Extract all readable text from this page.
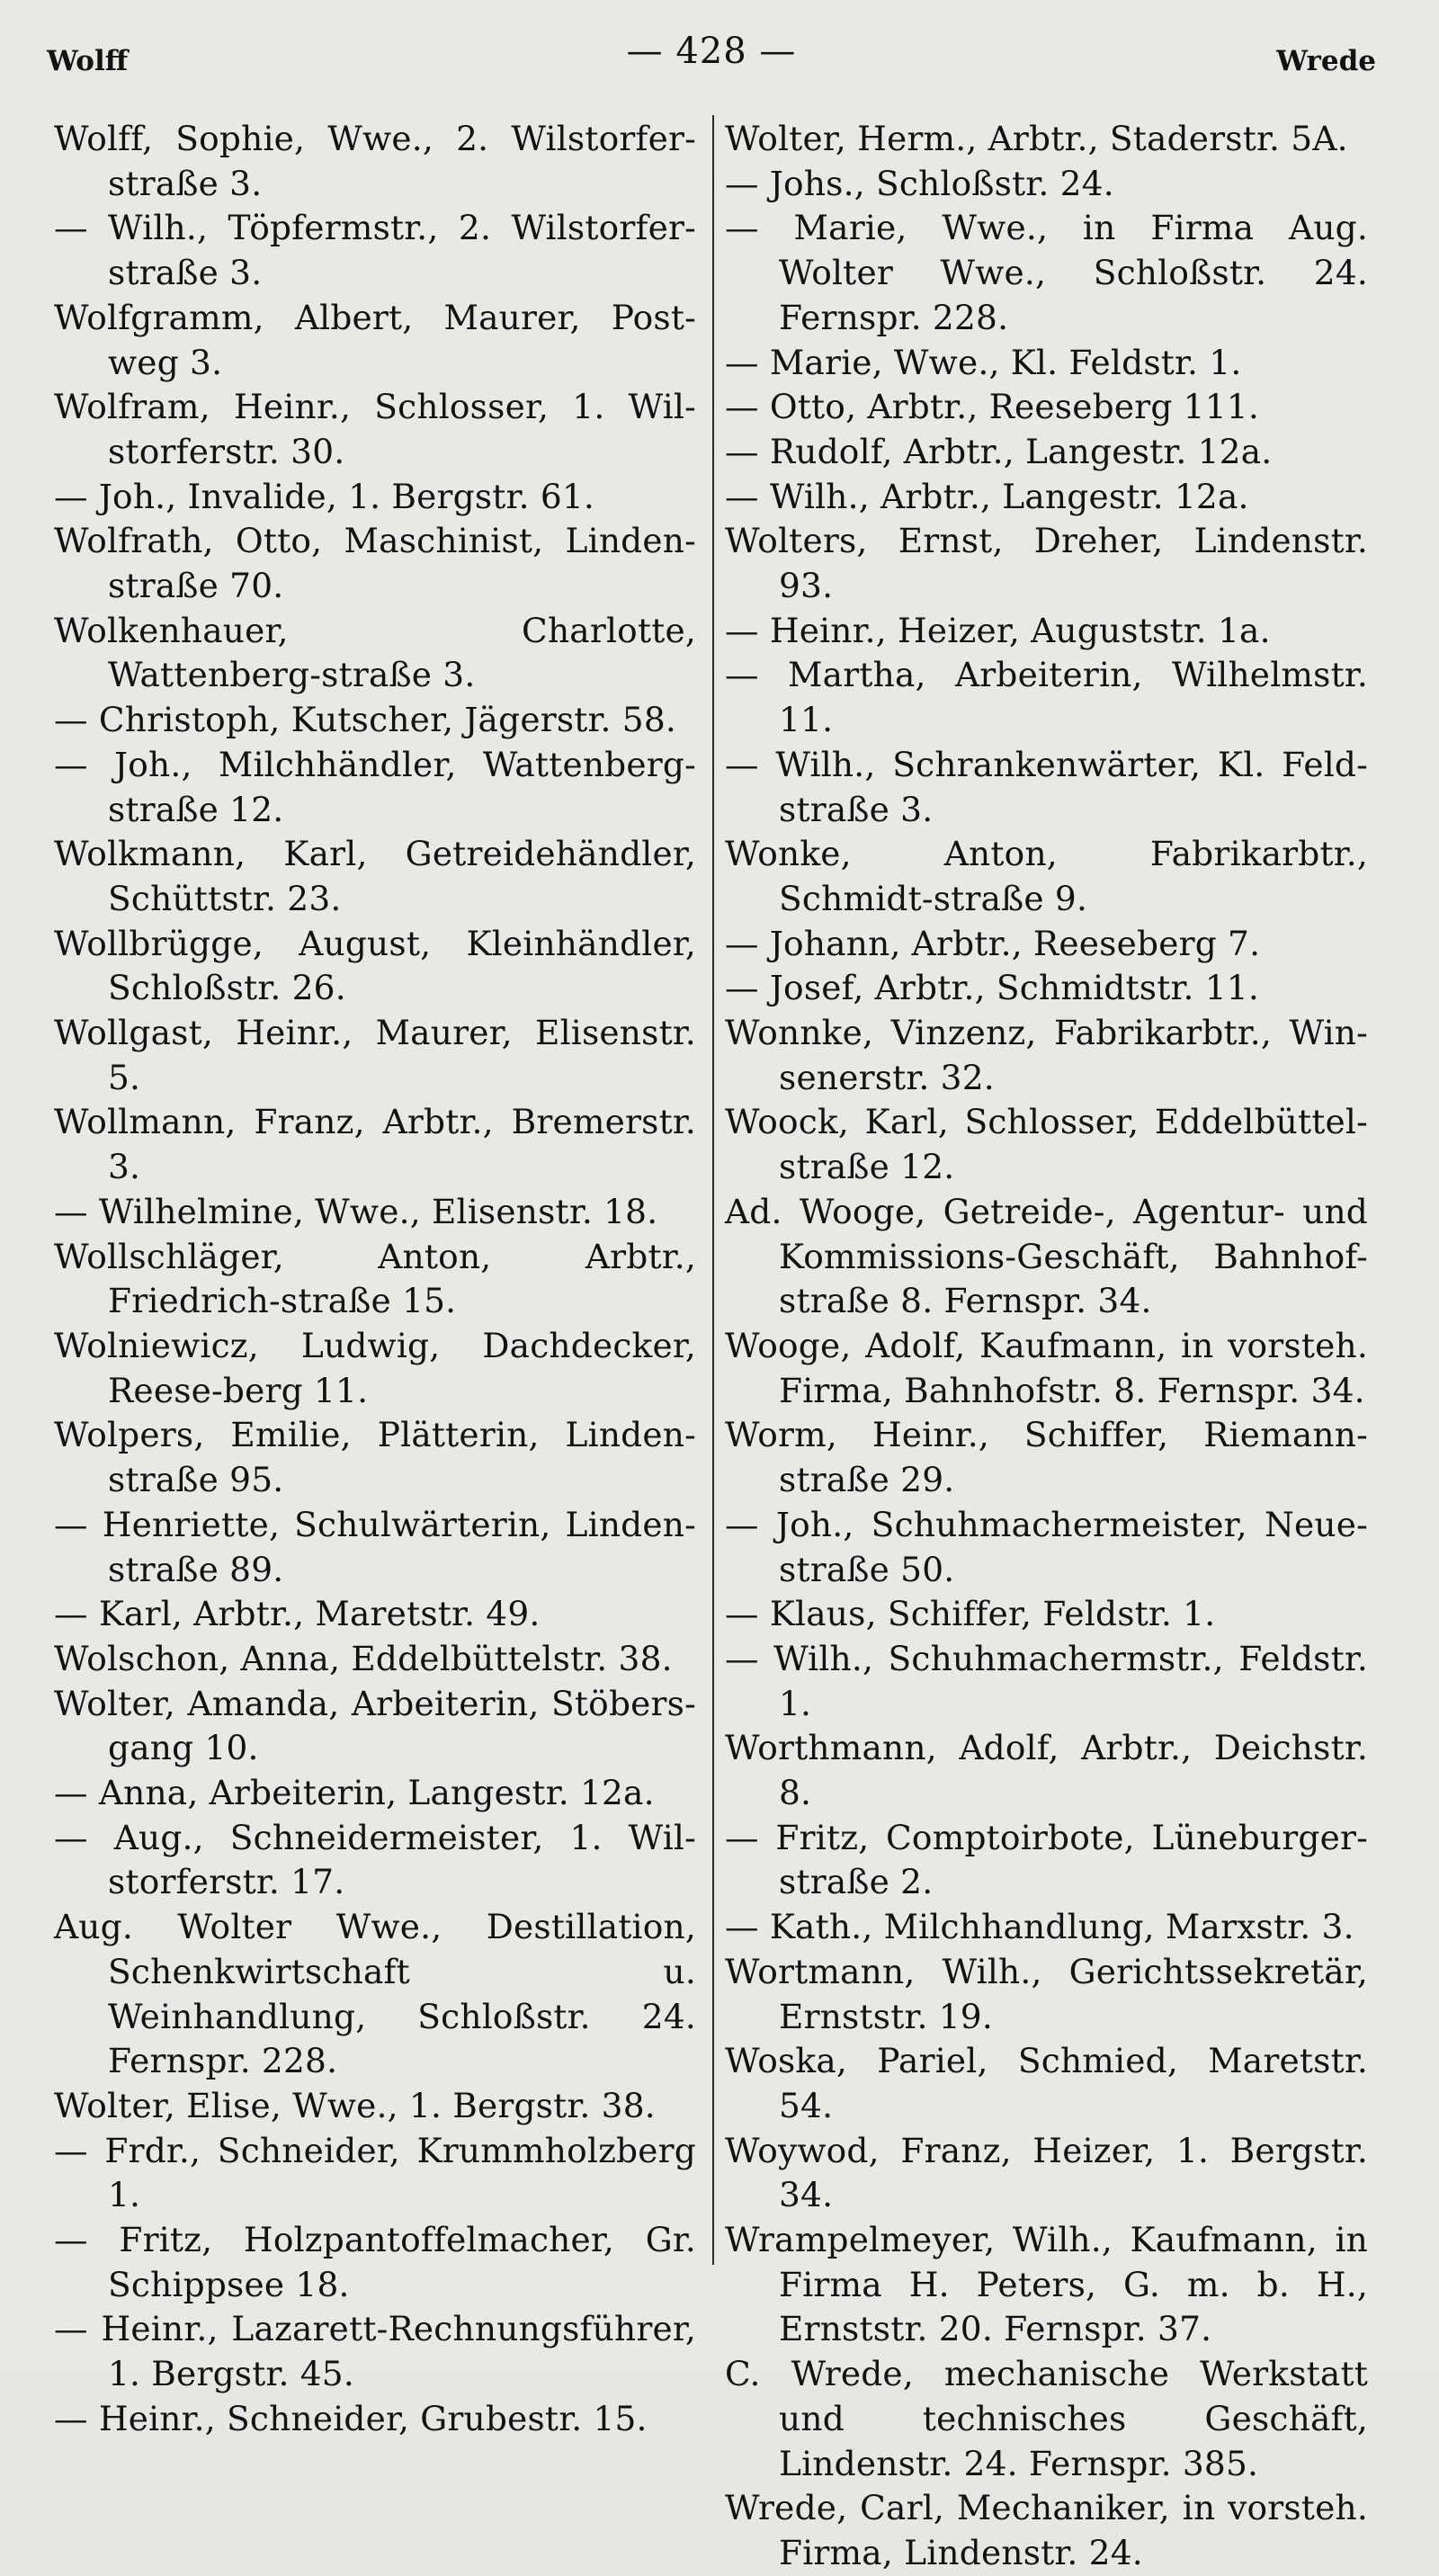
Wolff	— 428 —	Wrede
Wolff, Sophie, Wwe., 2. Wilstorfer-straße 3.
— Wilh., Töpfermstr., 2. Wilstorfer-straße 3.
Wolfgramm, Albert, Maurer, Post-weg 3.
Wolfram, Heinr., Schlosser, 1. Wil-storferstr. 30.
— Joh., Invalide, 1. Bergstr. 61.
Wolfrath, Otto, Maschinist, Linden-straße 70.
Wolkenhauer, Charlotte, Wattenberg-straße 3.
— Christoph, Kutscher, Jägerstr. 58.
— Joh., Milchhändler, Wattenberg-straße 12.
Wolkmann, Karl, Getreidehändler, Schüttstr. 23.
Wollbrügge, August, Kleinhändler, Schloßstr. 26.
Wollgast, Heinr., Maurer, Elisenstr. 5.
Wollmann, Franz, Arbtr., Bremerstr. 3.
— Wilhelmine, Wwe., Elisenstr. 18.
Wollschläger, Anton, Arbtr., Friedrich-straße 15.
Wolniewicz, Ludwig, Dachdecker, Reese-berg 11.
Wolpers, Emilie, Plätterin, Linden-straße 95.
— Henriette, Schulwärterin, Linden-straße 89.
— Karl, Arbtr., Maretstr. 49.
Wolschon, Anna, Eddelbüttelstr. 38.
Wolter, Amanda, Arbeiterin, Stöbers-gang 10.
— Anna, Arbeiterin, Langestr. 12a.
— Aug., Schneidermeister, 1. Wil-storferstr. 17.
Aug. Wolter Wwe., Destillation, Schenkwirtschaft u. Weinhandlung, Schloßstr. 24. Fernspr. 228.
Wolter, Elise, Wwe., 1. Bergstr. 38.
— Frdr., Schneider, Krummholzberg 1.
— Fritz, Holzpantoffelmacher, Gr. Schippsee 18.
— Heinr., Lazarett-Rechnungsführer, 1. Bergstr. 45.
— Heinr., Schneider, Grubestr. 15.
Wolter, Herm., Arbtr., Staderstr. 5A.
— Johs., Schloßstr. 24.
— Marie, Wwe., in Firma Aug. Wolter Wwe., Schloßstr. 24. Fernspr. 228.
— Marie, Wwe., Kl. Feldstr. 1.
— Otto, Arbtr., Reeseberg 111.
— Rudolf, Arbtr., Langestr. 12a.
— Wilh., Arbtr., Langestr. 12a.
Wolters, Ernst, Dreher, Lindenstr. 93.
— Heinr., Heizer, Auguststr. 1a.
— Martha, Arbeiterin, Wilhelmstr. 11.
— Wilh., Schrankenwärter, Kl. Feld-straße 3.
Wonke, Anton, Fabrikarbtr., Schmidt-straße 9.
— Johann, Arbtr., Reeseberg 7.
— Josef, Arbtr., Schmidtstr. 11.
Wonnke, Vinzenz, Fabrikarbtr., Win-senerstr. 32.
Woock, Karl, Schlosser, Eddelbüttel-straße 12.
Ad. Wooge, Getreide-, Agentur- und Kommissions-Geschäft, Bahnhof-straße 8. Fernspr. 34.
Wooge, Adolf, Kaufmann, in vorsteh. Firma, Bahnhofstr. 8. Fernspr. 34.
Worm, Heinr., Schiffer, Riemann-straße 29.
— Joh., Schuhmachermeister, Neue-straße 50.
— Klaus, Schiffer, Feldstr. 1.
— Wilh., Schuhmachermstr., Feldstr. 1.
Worthmann, Adolf, Arbtr., Deichstr. 8.
— Fritz, Comptoirbote, Lüneburger-straße 2.
— Kath., Milchhandlung, Marxstr. 3.
Wortmann, Wilh., Gerichtssekretär, Ernststr. 19.
Woska, Pariel, Schmied, Maretstr. 54.
Woywod, Franz, Heizer, 1. Bergstr. 34.
Wrampelmeyer, Wilh., Kaufmann, in Firma H. Peters, G. m. b. H., Ernststr. 20. Fernspr. 37.
C. Wrede, mechanische Werkstatt und technisches Geschäft, Lindenstr. 24. Fernspr. 385.
Wrede, Carl, Mechaniker, in vorsteh. Firma, Lindenstr. 24.
